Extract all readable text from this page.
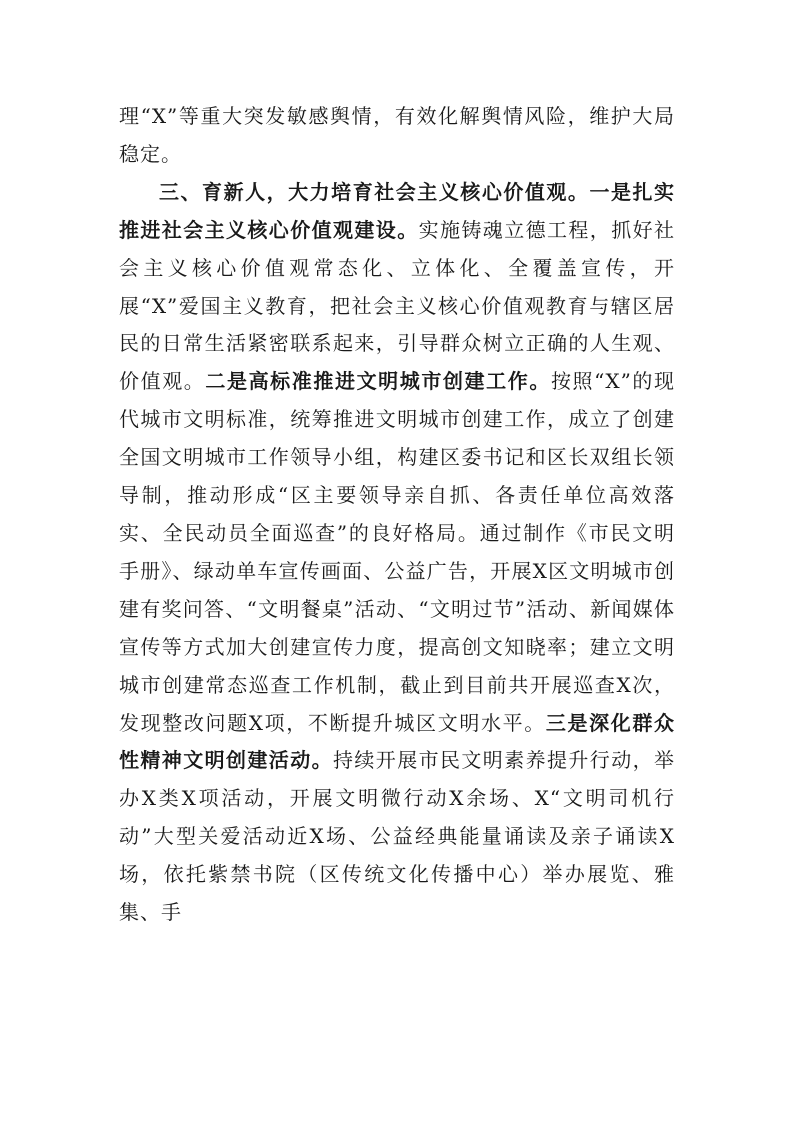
理“X”等重大突发敏感舆情，有效化解舆情风险，维护大局稳定。

三、育新人，大力培育社会主义核心价值观。一是扎实推进社会主义核心价值观建设。实施铸魂立德工程，抓好社会主义核心价值观常态化、立体化、全覆盖宣传，开展“X”爱国主义教育，把社会主义核心价值观教育与辖区居民的日常生活紧密联系起来，引导群众树立正确的人生观、价值观。二是高标准推进文明城市创建工作。按照“X”的现代城市文明标准，统筹推进文明城市创建工作，成立了创建全国文明城市工作领导小组，构建区委书记和区长双组长领导制，推动形成“区主要领导亲自抓、各责任单位高效落实、全民动员全面巡查”的良好格局。通过制作《市民文明手册》、绿动单车宣传画面、公益广告，开展X区文明城市创建有奖问答、“文明餐桌”活动、“文明过节”活动、新闻媒体宣传等方式加大创建宣传力度，提高创文知晓率；建立文明城市创建常态巡查工作机制，截止到目前共开展巡查X次，发现整改问题X项，不断提升城区文明水平。三是深化群众性精神文明创建活动。持续开展市民文明素养提升行动，举办X类X项活动，开展文明微行动X余场、X“文明司机行动”大型关爱活动近X场、公益经典能量诵读及亲子诵读X场，依托紫禁书院（区传统文化传播中心）举办展览、雅集、手
